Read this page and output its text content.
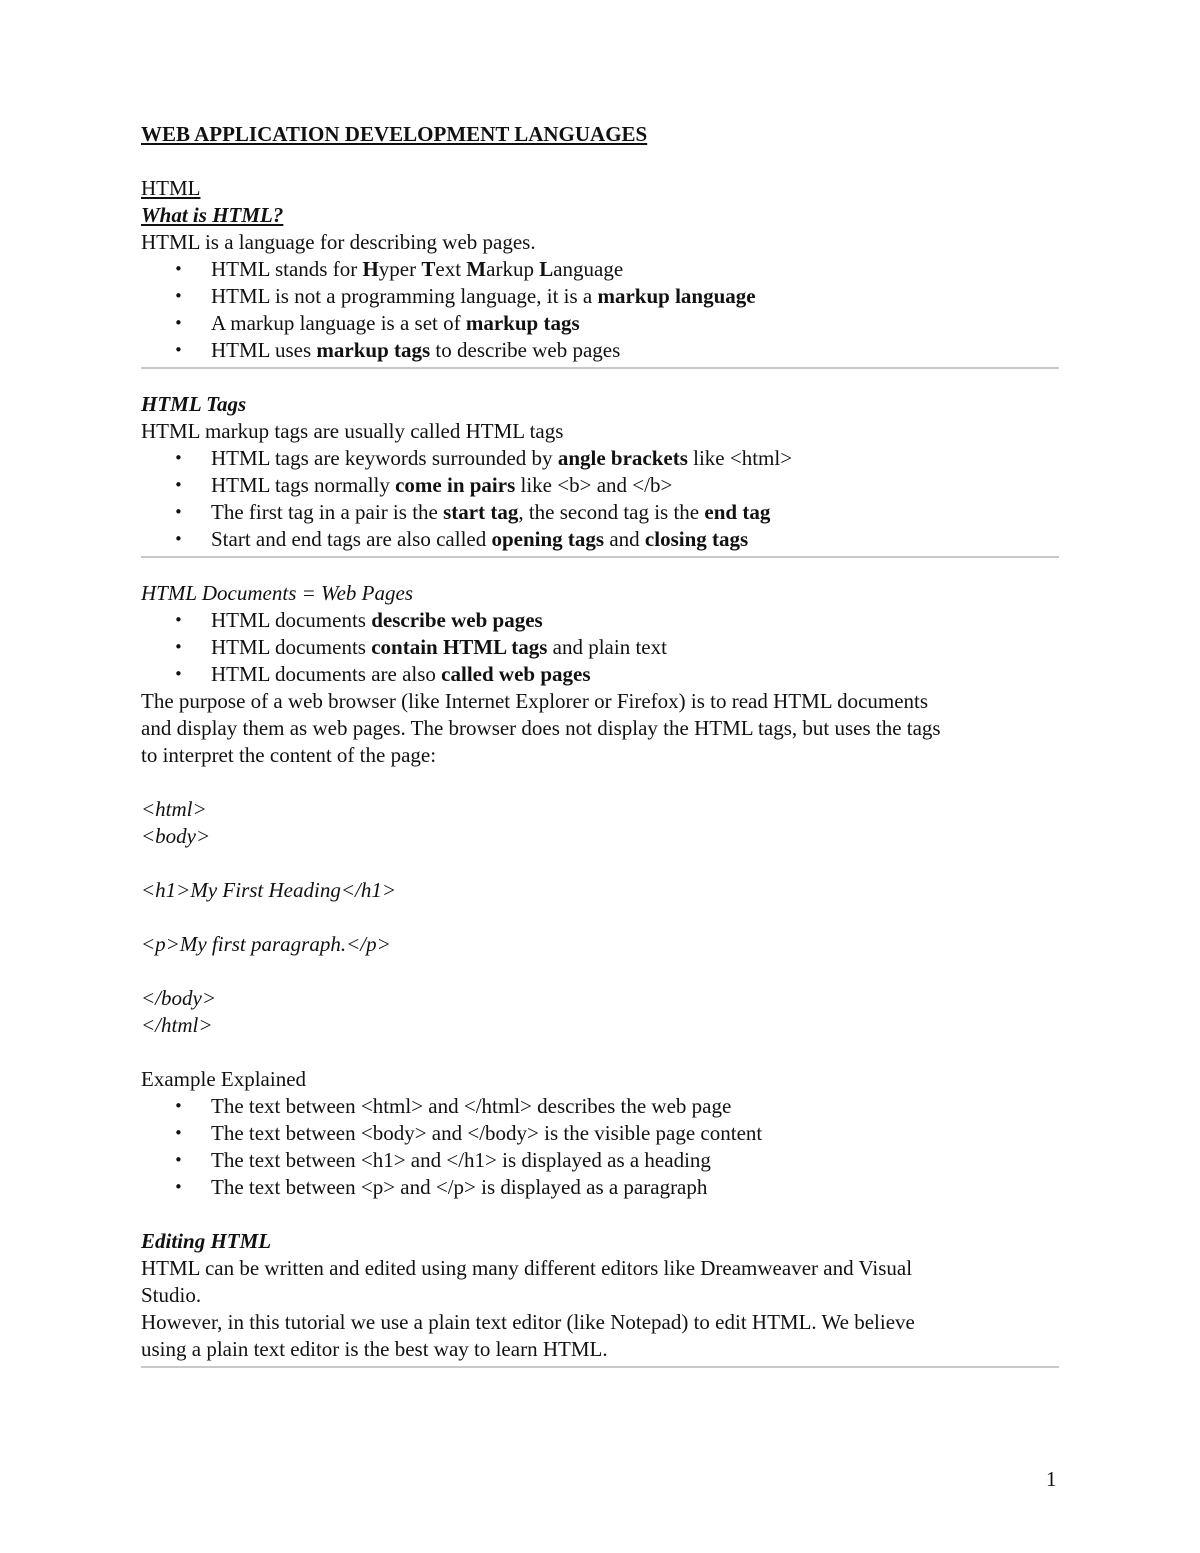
WEB APPLICATION DEVELOPMENT LANGUAGES

HTML

What is HTML?

HTML is a language for describing web pages.

• HTML stands for Hyper Text Markup Language
• HTML is not a programming language, it is a markup language
• A markup language is a set of markup tags
• HTML uses markup tags to describe web pages

HTML Tags

HTML markup tags are usually called HTML tags

• HTML tags are keywords surrounded by angle brackets like <html>
• HTML tags normally come in pairs like <b> and </b>
• The first tag in a pair is the start tag, the second tag is the end tag
• Start and end tags are also called opening tags and closing tags

HTML Documents = Web Pages

• HTML documents describe web pages
• HTML documents contain HTML tags and plain text
• HTML documents are also called web pages

The purpose of a web browser (like Internet Explorer or Firefox) is to read HTML documents

and display them as web pages. The browser does not display the HTML tags, but uses the tags

to interpret the content of the page:

<html>

<body>

<h1>My First Heading</h1>

<p>My first paragraph.</p>

</body>

</html>

Example Explained

• The text between <html> and </html> describes the web page
• The text between <body> and </body> is the visible page content
• The text between <h1> and </h1> is displayed as a heading
• The text between <p> and </p> is displayed as a paragraph

Editing HTML

HTML can be written and edited using many different editors like Dreamweaver and Visual

Studio.

However, in this tutorial we use a plain text editor (like Notepad) to edit HTML. We believe

using a plain text editor is the best way to learn HTML.

1
